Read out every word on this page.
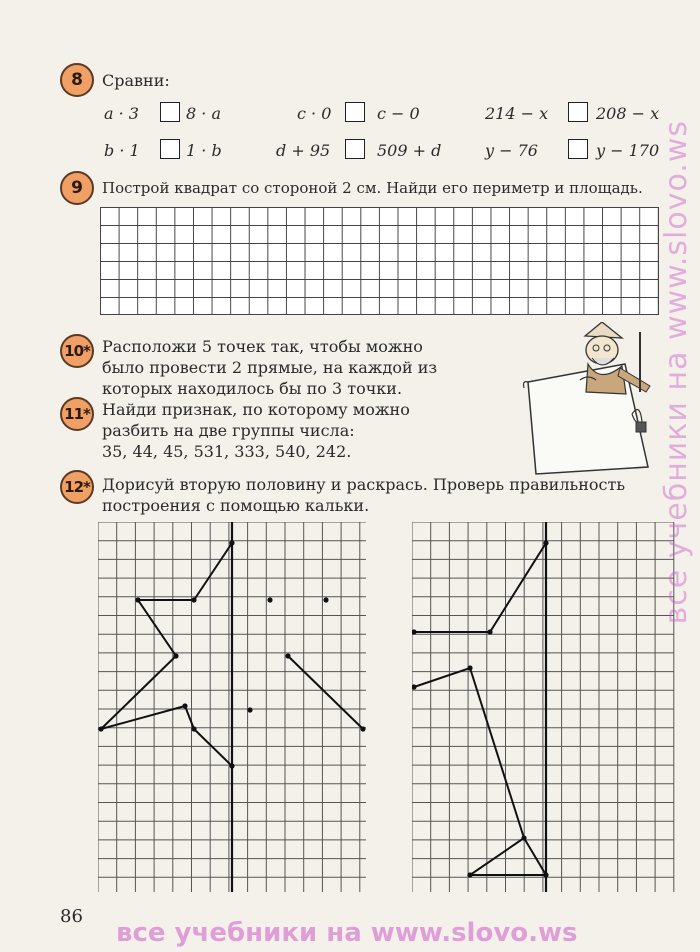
8 Сравни:
a · 3	8 · a	c · 0	c − 0	214 − x	208 − x
b · 1	1 · b	d + 95	509 + d	y − 76	y − 170
9 Построй квадрат со стороной 2 см. Найди его периметр и площадь.
10* Расположи 5 точек так, чтобы можно
было провести 2 прямые, на каждой из
которых находилось бы по 3 точки.
11* Найди признак, по которому можно
разбить на две группы числа:
35, 44, 45, 531, 333, 540, 242.
12* Дорисуй вторую половину и раскрась. Проверь правильность
построения с помощью кальки.
86
все учебники на www.slovo.ws
все учебники на www.slovo.ws
